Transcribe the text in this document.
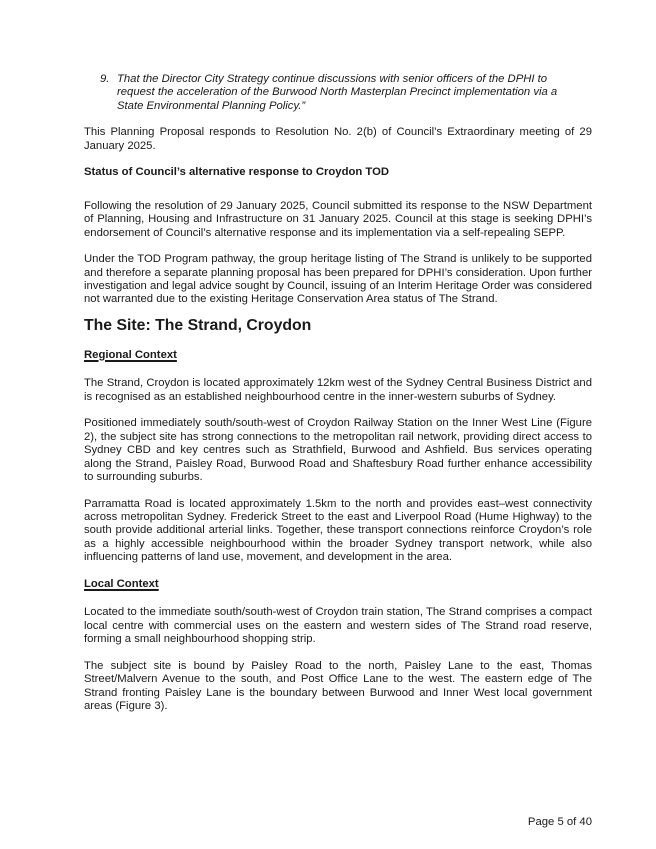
9. That the Director City Strategy continue discussions with senior officers of the DPHI to request the acceleration of the Burwood North Masterplan Precinct implementation via a State Environmental Planning Policy.”

This Planning Proposal responds to Resolution No. 2(b) of Council’s Extraordinary meeting of 29 January 2025.

Status of Council’s alternative response to Croydon TOD

Following the resolution of 29 January 2025, Council submitted its response to the NSW Department of Planning, Housing and Infrastructure on 31 January 2025. Council at this stage is seeking DPHI’s endorsement of Council’s alternative response and its implementation via a self-repealing SEPP.

Under the TOD Program pathway, the group heritage listing of The Strand is unlikely to be supported and therefore a separate planning proposal has been prepared for DPHI’s consideration. Upon further investigation and legal advice sought by Council, issuing of an Interim Heritage Order was considered not warranted due to the existing Heritage Conservation Area status of The Strand.

The Site: The Strand, Croydon

Regional Context

The Strand, Croydon is located approximately 12km west of the Sydney Central Business District and is recognised as an established neighbourhood centre in the inner-western suburbs of Sydney.

Positioned immediately south/south-west of Croydon Railway Station on the Inner West Line (Figure 2), the subject site has strong connections to the metropolitan rail network, providing direct access to Sydney CBD and key centres such as Strathfield, Burwood and Ashfield. Bus services operating along the Strand, Paisley Road, Burwood Road and Shaftesbury Road further enhance accessibility to surrounding suburbs.

Parramatta Road is located approximately 1.5km to the north and provides east–west connectivity across metropolitan Sydney. Frederick Street to the east and Liverpool Road (Hume Highway) to the south provide additional arterial links. Together, these transport connections reinforce Croydon’s role as a highly accessible neighbourhood within the broader Sydney transport network, while also influencing patterns of land use, movement, and development in the area.

Local Context

Located to the immediate south/south-west of Croydon train station, The Strand comprises a compact local centre with commercial uses on the eastern and western sides of The Strand road reserve, forming a small neighbourhood shopping strip.

The subject site is bound by Paisley Road to the north, Paisley Lane to the east, Thomas Street/Malvern Avenue to the south, and Post Office Lane to the west. The eastern edge of The Strand fronting Paisley Lane is the boundary between Burwood and Inner West local government areas (Figure 3).

Page 5 of 40
